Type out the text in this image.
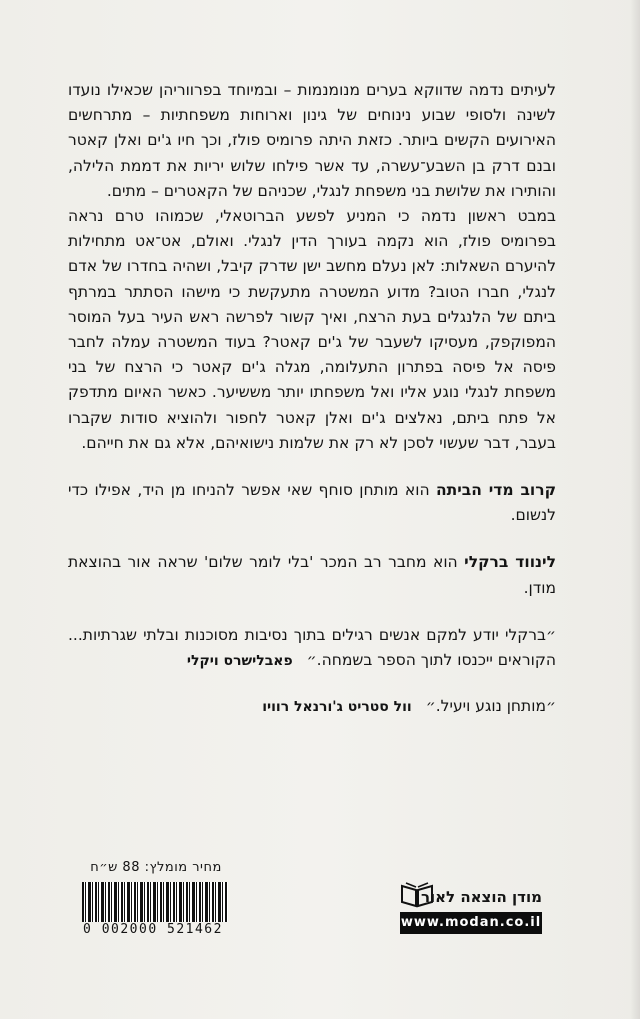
לעיתים נדמה שדווקא בערים מנומנמות – ובמיוחד בפרווריהן שכאילו נועדו לשינה ולסופי שבוע נינוחים של גינון וארוחות משפחתיות – מתרחשים האירועים הקשים ביותר. כזאת היתה פרומיס פולז, וכך חיו ג'ים ואלן קאטר ובנם דרק בן השבע־עשרה, עד אשר פילחו שלוש יריות את דממת הלילה, והותירו את שלושת בני משפחת לנגלי, שכניהם של הקאטרים – מתים.

במבט ראשון נדמה כי המניע לפשע הברוטאלי, שכמוהו טרם נראה בפרומיס פולז, הוא נקמה בעורך הדין לנגלי. ואולם, אט־אט מתחילות להיערם השאלות: לאן נעלם מחשב ישן שדרק קיבל, ושהיה בחדרו של אדם לנגלי, חברו הטוב? מדוע המשטרה מתעקשת כי מישהו הסתתר במרתף ביתם של הלנגלים בעת הרצח, ואיך קשור לפרשה ראש העיר בעל המוסר המפוקפק, מעסיקו לשעבר של ג'ים קאטר? בעוד המשטרה עמלה לחבר פיסה אל פיסה בפתרון התעלומה, מגלה ג'ים קאטר כי הרצח של בני משפחת לנגלי נוגע אליו ואל משפחתו יותר משש​יער. כאשר האיום מתדפק אל פתח ביתם, נאלצים ג'ים ואלן קאטר לחפור ולהוציא סודות שקברו בעבר, דבר שעשוי לסכן לא רק את שלמות נישואיהם, אלא גם את חייהם.

קרוב מדי הביתה הוא מותחן סוחף שאי אפשר להניחו מן היד, אפילו כדי לנשום.

לינווד ברקלי הוא מחבר רב המכר 'בלי לומר שלום' שראה אור בהוצאת מודן.

״ברקלי יודע למקם אנשים רגילים בתוך נסיבות מסוכנות ובלתי שגרתיות... הקוראים ייכנסו לתוך הספר בשמחה.״פאבלישרס ויקלי

״מותחן נוגע ויעיל.״וול סטריט ג'ורנאל רוויו

מחיר מומלץ: 88 ש״ח
0 002000 521462
מודן הוצאה לאור
www.modan.co.il
